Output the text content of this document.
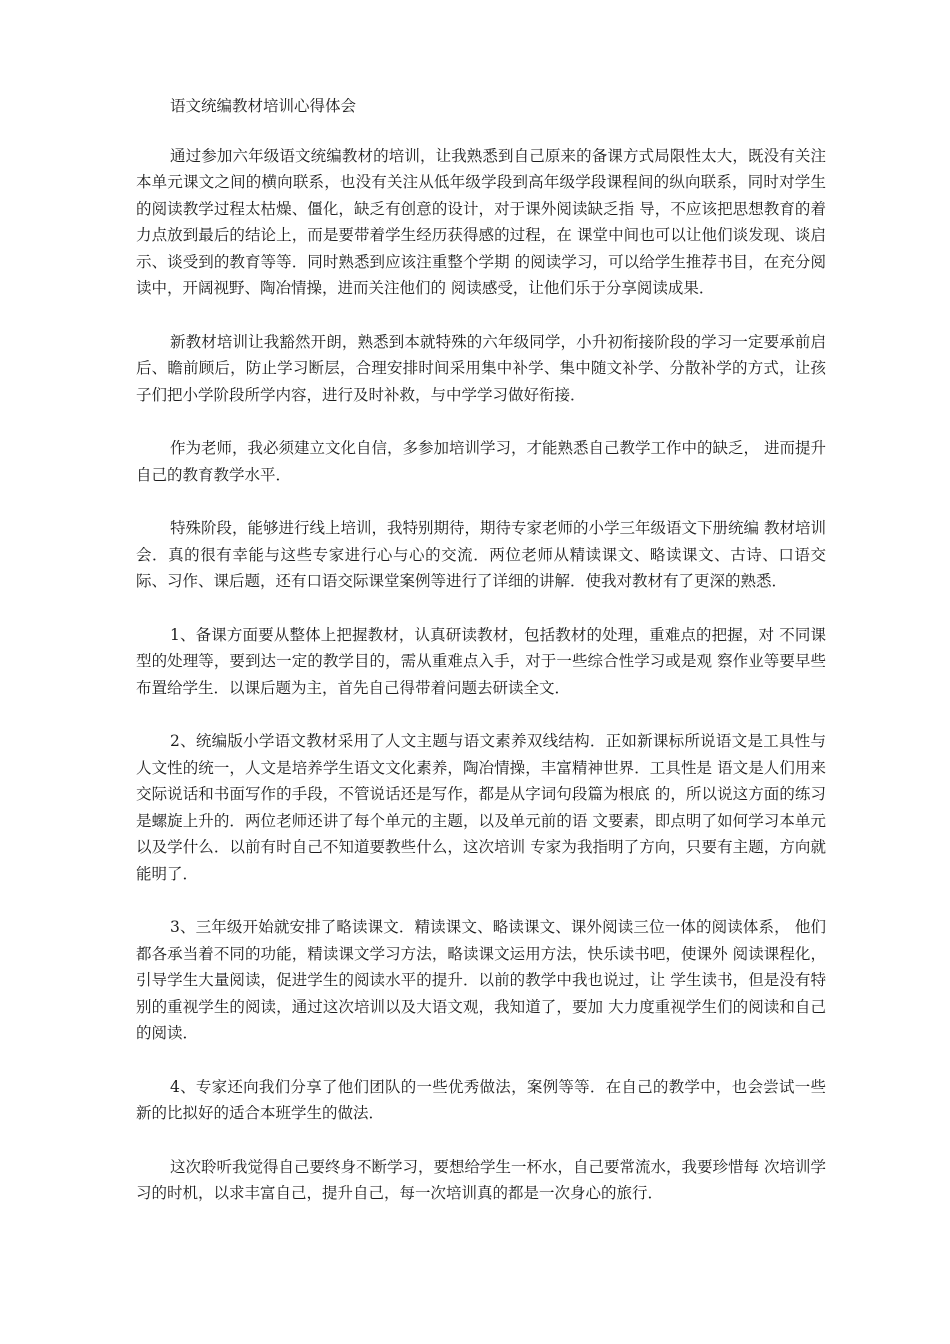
语文统编教材培训心得体会

通过参加六年级语文统编教材的培训，让我熟悉到自己原来的备课方式局限性太大，既没有关注本单元课文之间的横向联系，也没有关注从低年级学段到高年级学段课程间的纵向联系，同时对学生的阅读教学过程太枯燥、僵化，缺乏有创意的设计，对于课外阅读缺乏指 导，不应该把思想教育的着力点放到最后的结论上，而是要带着学生经历获得感的过程，在 课堂中间也可以让他们谈发现、谈启示、谈受到的教育等等．同时熟悉到应该注重整个学期 的阅读学习，可以给学生推荐书目，在充分阅读中，开阔视野、陶冶情操，进而关注他们的 阅读感受，让他们乐于分享阅读成果．

新教材培训让我豁然开朗，熟悉到本就特殊的六年级同学，小升初衔接阶段的学习一定要承前启后、瞻前顾后，防止学习断层，合理安排时间采用集中补学、集中随文补学、分散补学的方式，让孩子们把小学阶段所学内容，进行及时补救，与中学学习做好衔接．

作为老师，我必须建立文化自信，多参加培训学习，才能熟悉自己教学工作中的缺乏， 进而提升自己的教育教学水平．

特殊阶段，能够进行线上培训，我特别期待，期待专家老师的小学三年级语文下册统编 教材培训会．真的很有幸能与这些专家进行心与心的交流．两位老师从精读课文、略读课文、古诗、口语交际、习作、课后题，还有口语交际课堂案例等进行了详细的讲解．使我对教材有了更深的熟悉．

1、备课方面要从整体上把握教材，认真研读教材，包括教材的处理，重难点的把握，对 不同课型的处理等，要到达一定的教学目的，需从重难点入手，对于一些综合性学习或是观 察作业等要早些布置给学生．以课后题为主，首先自己得带着问题去研读全文．

2、统编版小学语文教材采用了人文主题与语文素养双线结构．正如新课标所说语文是工具性与人文性的统一，人文是培养学生语文文化素养，陶冶情操，丰富精神世界．工具性是 语文是人们用来交际说话和书面写作的手段，不管说话还是写作，都是从字词句段篇为根底 的，所以说这方面的练习是螺旋上升的．两位老师还讲了每个单元的主题，以及单元前的语 文要素，即点明了如何学习本单元以及学什么．以前有时自己不知道要教些什么，这次培训 专家为我指明了方向，只要有主题，方向就能明了．

3、三年级开始就安排了略读课文．精读课文、略读课文、课外阅读三位一体的阅读体系， 他们都各承当着不同的功能，精读课文学习方法，略读课文运用方法，快乐读书吧，使课外 阅读课程化，引导学生大量阅读，促进学生的阅读水平的提升．以前的教学中我也说过，让 学生读书，但是没有特别的重视学生的阅读，通过这次培训以及大语文观，我知道了，要加 大力度重视学生们的阅读和自己的阅读．

4、专家还向我们分享了他们团队的一些优秀做法，案例等等．在自己的教学中，也会尝试一些新的比拟好的适合本班学生的做法．

这次聆听我觉得自己要终身不断学习，要想给学生一杯水，自己要常流水，我要珍惜每 次培训学习的时机，以求丰富自己，提升自己，每一次培训真的都是一次身心的旅行．
